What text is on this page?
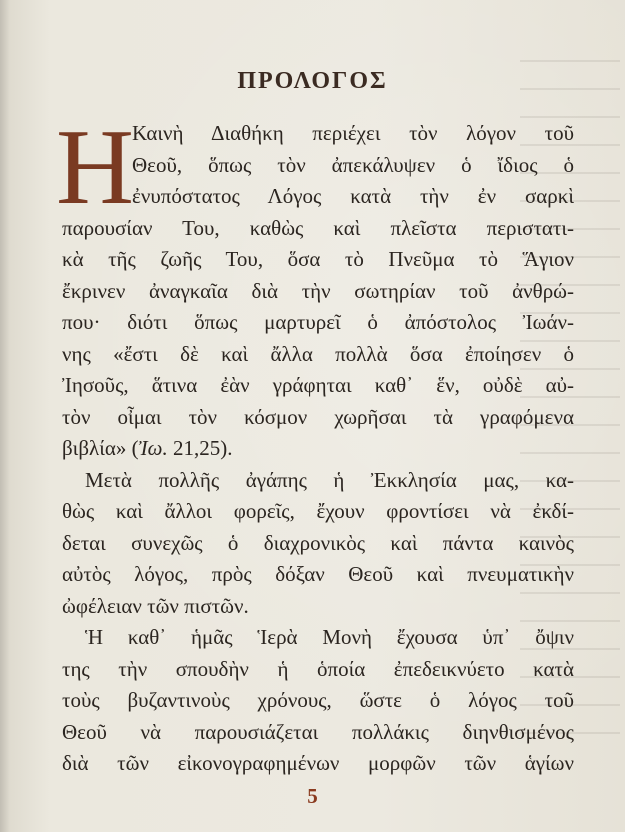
ΠΡΟΛΟΓΟΣ
Η
Καινὴ Διαθήκη περιέχει τὸν λόγον τοῦ
Θεοῦ, ὅπως τὸν ἀπεκάλυψεν ὁ ἴδιος ὁ
ἐνυπόστατος Λόγος κατὰ τὴν ἐν σαρκὶ
παρουσίαν Του, καθὼς καὶ πλεῖστα περιστατι-
κὰ τῆς ζωῆς Του, ὅσα τὸ Πνεῦμα τὸ Ἅγιον
ἔκρινεν ἀναγκαῖα διὰ τὴν σωτηρίαν τοῦ ἀνθρώ-
που· διότι ὅπως μαρτυρεῖ ὁ ἀπόστολος Ἰωάν-
νης «ἔστι δὲ καὶ ἄλλα πολλὰ ὅσα ἐποίησεν ὁ
Ἰησοῦς, ἅτινα ἐὰν γράφηται καθ᾽ ἕν, οὐδὲ αὐ-
τὸν οἶμαι τὸν κόσμον χωρῆσαι τὰ γραφόμενα
βιβλία» (Ἰω. 21,25).
Μετὰ πολλῆς ἀγάπης ἡ Ἐκκλησία μας, κα-
θὼς καὶ ἄλλοι φορεῖς, ἔχουν φροντίσει νὰ ἐκδί-
δεται συνεχῶς ὁ διαχρονικὸς καὶ πάντα καινὸς
αὐτὸς λόγος, πρὸς δόξαν Θεοῦ καὶ πνευματικὴν
ὠφέλειαν τῶν πιστῶν.
Ἡ καθ᾽ ἡμᾶς Ἱερὰ Μονὴ ἔχουσα ὑπ᾽ ὄψιν
της τὴν σπουδὴν ἡ ὁποία ἐπεδεικνύετο κατὰ
τοὺς βυζαντινοὺς χρόνους, ὥστε ὁ λόγος τοῦ
Θεοῦ νὰ παρουσιάζεται πολλάκις διηνθισμένος
διὰ τῶν εἰκονογραφημένων μορφῶν τῶν ἁγίων
5
